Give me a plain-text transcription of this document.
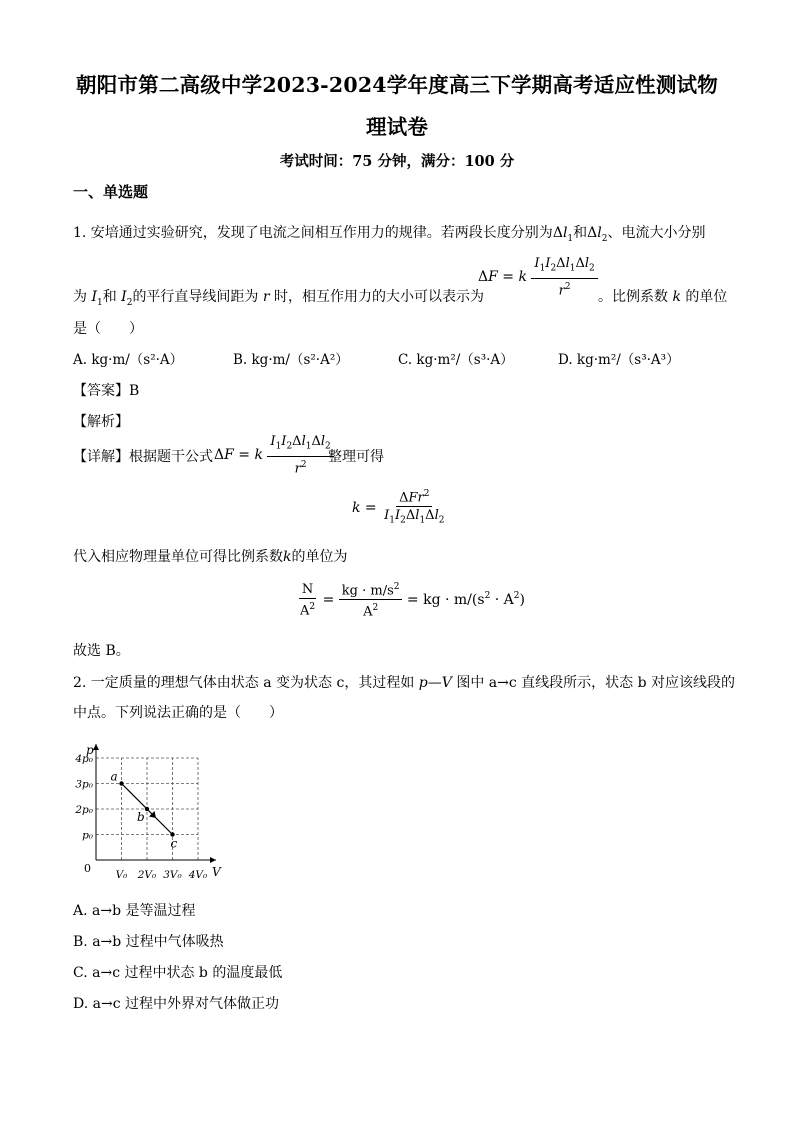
朝阳市第二高级中学2023-2024学年度高三下学期高考适应性测试物
理试卷
考试时间：75 分钟，满分：100 分
一、单选题
1. 安培通过实验研究，发现了电流之间相互作用力的规律。若两段长度分别为$\Delta l_1$和$\Delta l_2$、电流大小分别
ΔF = k $\frac{I_1I_2\Delta l_1\Delta l_2}{r^2}$
为 $I_1$和 $I_2$的平行直导线间距为 r 时，相互作用力的大小可以表示为	。比例系数 k 的单位
是（　　）
A. kg·m/（s²·A）	B. kg·m/（s²·A²）	C. kg·m²/（s³·A）	D. kg·m²/（s³·A³）
【答案】B
【解析】
【详解】根据题干公式 ΔF = k $\frac{I_1I_2\Delta l_1\Delta l_2}{r^2}$
整理可得
$k = \frac{\Delta Fr^2}{I_1I_2\Delta l_1\Delta l_2}$
代入相应物理量单位可得比例系数k的单位为
$\frac{N}{A^2} = \frac{kg \cdot m/s^2}{A^2}$ = kg · $m/(s^2 \cdot A^2)$
故选 B。
2. 一定质量的理想气体由状态 a 变为状态 c，其过程如 p—V 图中 a→c 直线段所示，状态 b 对应该线段的
中点。下列说法正确的是（　　）
p
V
0 V₀ 2V₀ 3V₀ 4V₀
p₀
2p₀
3p₀
4p₀
a
b
c
A. a→b 是等温过程
B. a→b 过程中气体吸热
C. a→c 过程中状态 b 的温度最低
D. a→c 过程中外界对气体做正功
